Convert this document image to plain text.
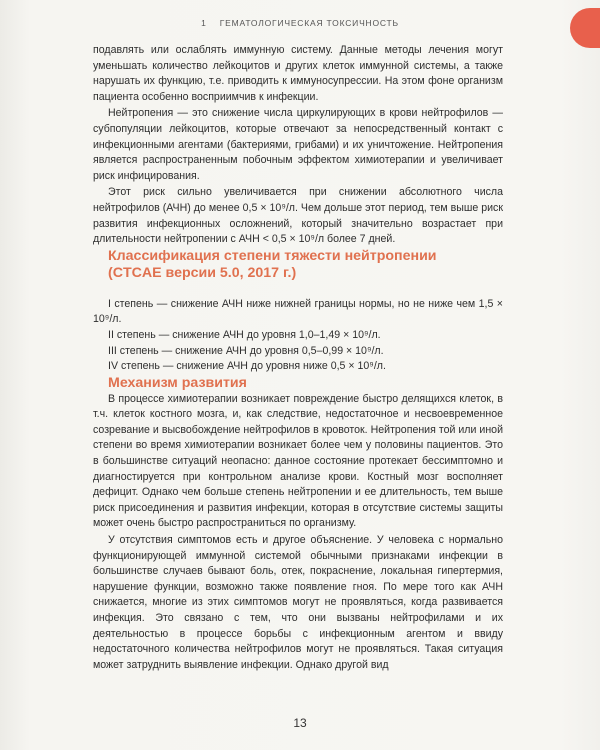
1 ГЕМАТОЛОГИЧЕСКАЯ ТОКСИЧНОСТЬ

подавлять или ослаблять иммунную систему. Данные методы лечения могут уменьшать количество лейкоцитов и других клеток иммунной системы, а также нарушать их функцию, т.е. приводить к иммуносупрессии. На этом фоне организм пациента особенно восприимчив к инфекции.

Нейтропения — это снижение числа циркулирующих в крови нейтрофилов — субпопуляции лейкоцитов, которые отвечают за непосредственный контакт с инфекционными агентами (бактериями, грибами) и их уничтожение. Нейтропения является распространенным побочным эффектом химиотерапии и увеличивает риск инфицирования.

Этот риск сильно увеличивается при снижении абсолютного числа нейтрофилов (АЧН) до менее 0,5 × 10⁹/л. Чем дольше этот период, тем выше риск развития инфекционных осложнений, который значительно возрастает при длительности нейтропении с АЧН < 0,5 × 10⁹/л более 7 дней.

Классификация степени тяжести нейтропении
(CTCAE версии 5.0, 2017 г.)

I степень — снижение АЧН ниже нижней границы нормы, но не ниже чем 1,5 × 10⁹/л.

II степень — снижение АЧН до уровня 1,0–1,49 × 10⁹/л.

III степень — снижение АЧН до уровня 0,5–0,99 × 10⁹/л.

IV степень — снижение АЧН до уровня ниже 0,5 × 10⁹/л.

Механизм развития

В процессе химиотерапии возникает повреждение быстро делящихся клеток, в т.ч. клеток костного мозга, и, как следствие, недостаточное и несвоевременное созревание и высвобождение нейтрофилов в кровоток. Нейтропения той или иной степени во время химиотерапии возникает более чем у половины пациентов. Это в большинстве ситуаций неопасно: данное состояние протекает бессимптомно и диагностируется при контрольном анализе крови. Костный мозг восполняет дефицит. Однако чем больше степень нейтропении и ее длительность, тем выше риск присоединения и развития инфекции, которая в отсутствие системы защиты может очень быстро распространиться по организму.

У отсутствия симптомов есть и другое объяснение. У человека с нормально функционирующей иммунной системой обычными признаками инфекции в большинстве случаев бывают боль, отек, покраснение, локальная гипертермия, нарушение функции, возможно также появление гноя. По мере того как АЧН снижается, многие из этих симптомов могут не проявляться, когда развивается инфекция. Это связано с тем, что они вызваны нейтрофилами и их деятельностью в процессе борьбы с инфекционным агентом и ввиду недостаточного количества нейтрофилов могут не проявляться. Такая ситуация может затруднить выявление инфекции. Однако другой вид

13
